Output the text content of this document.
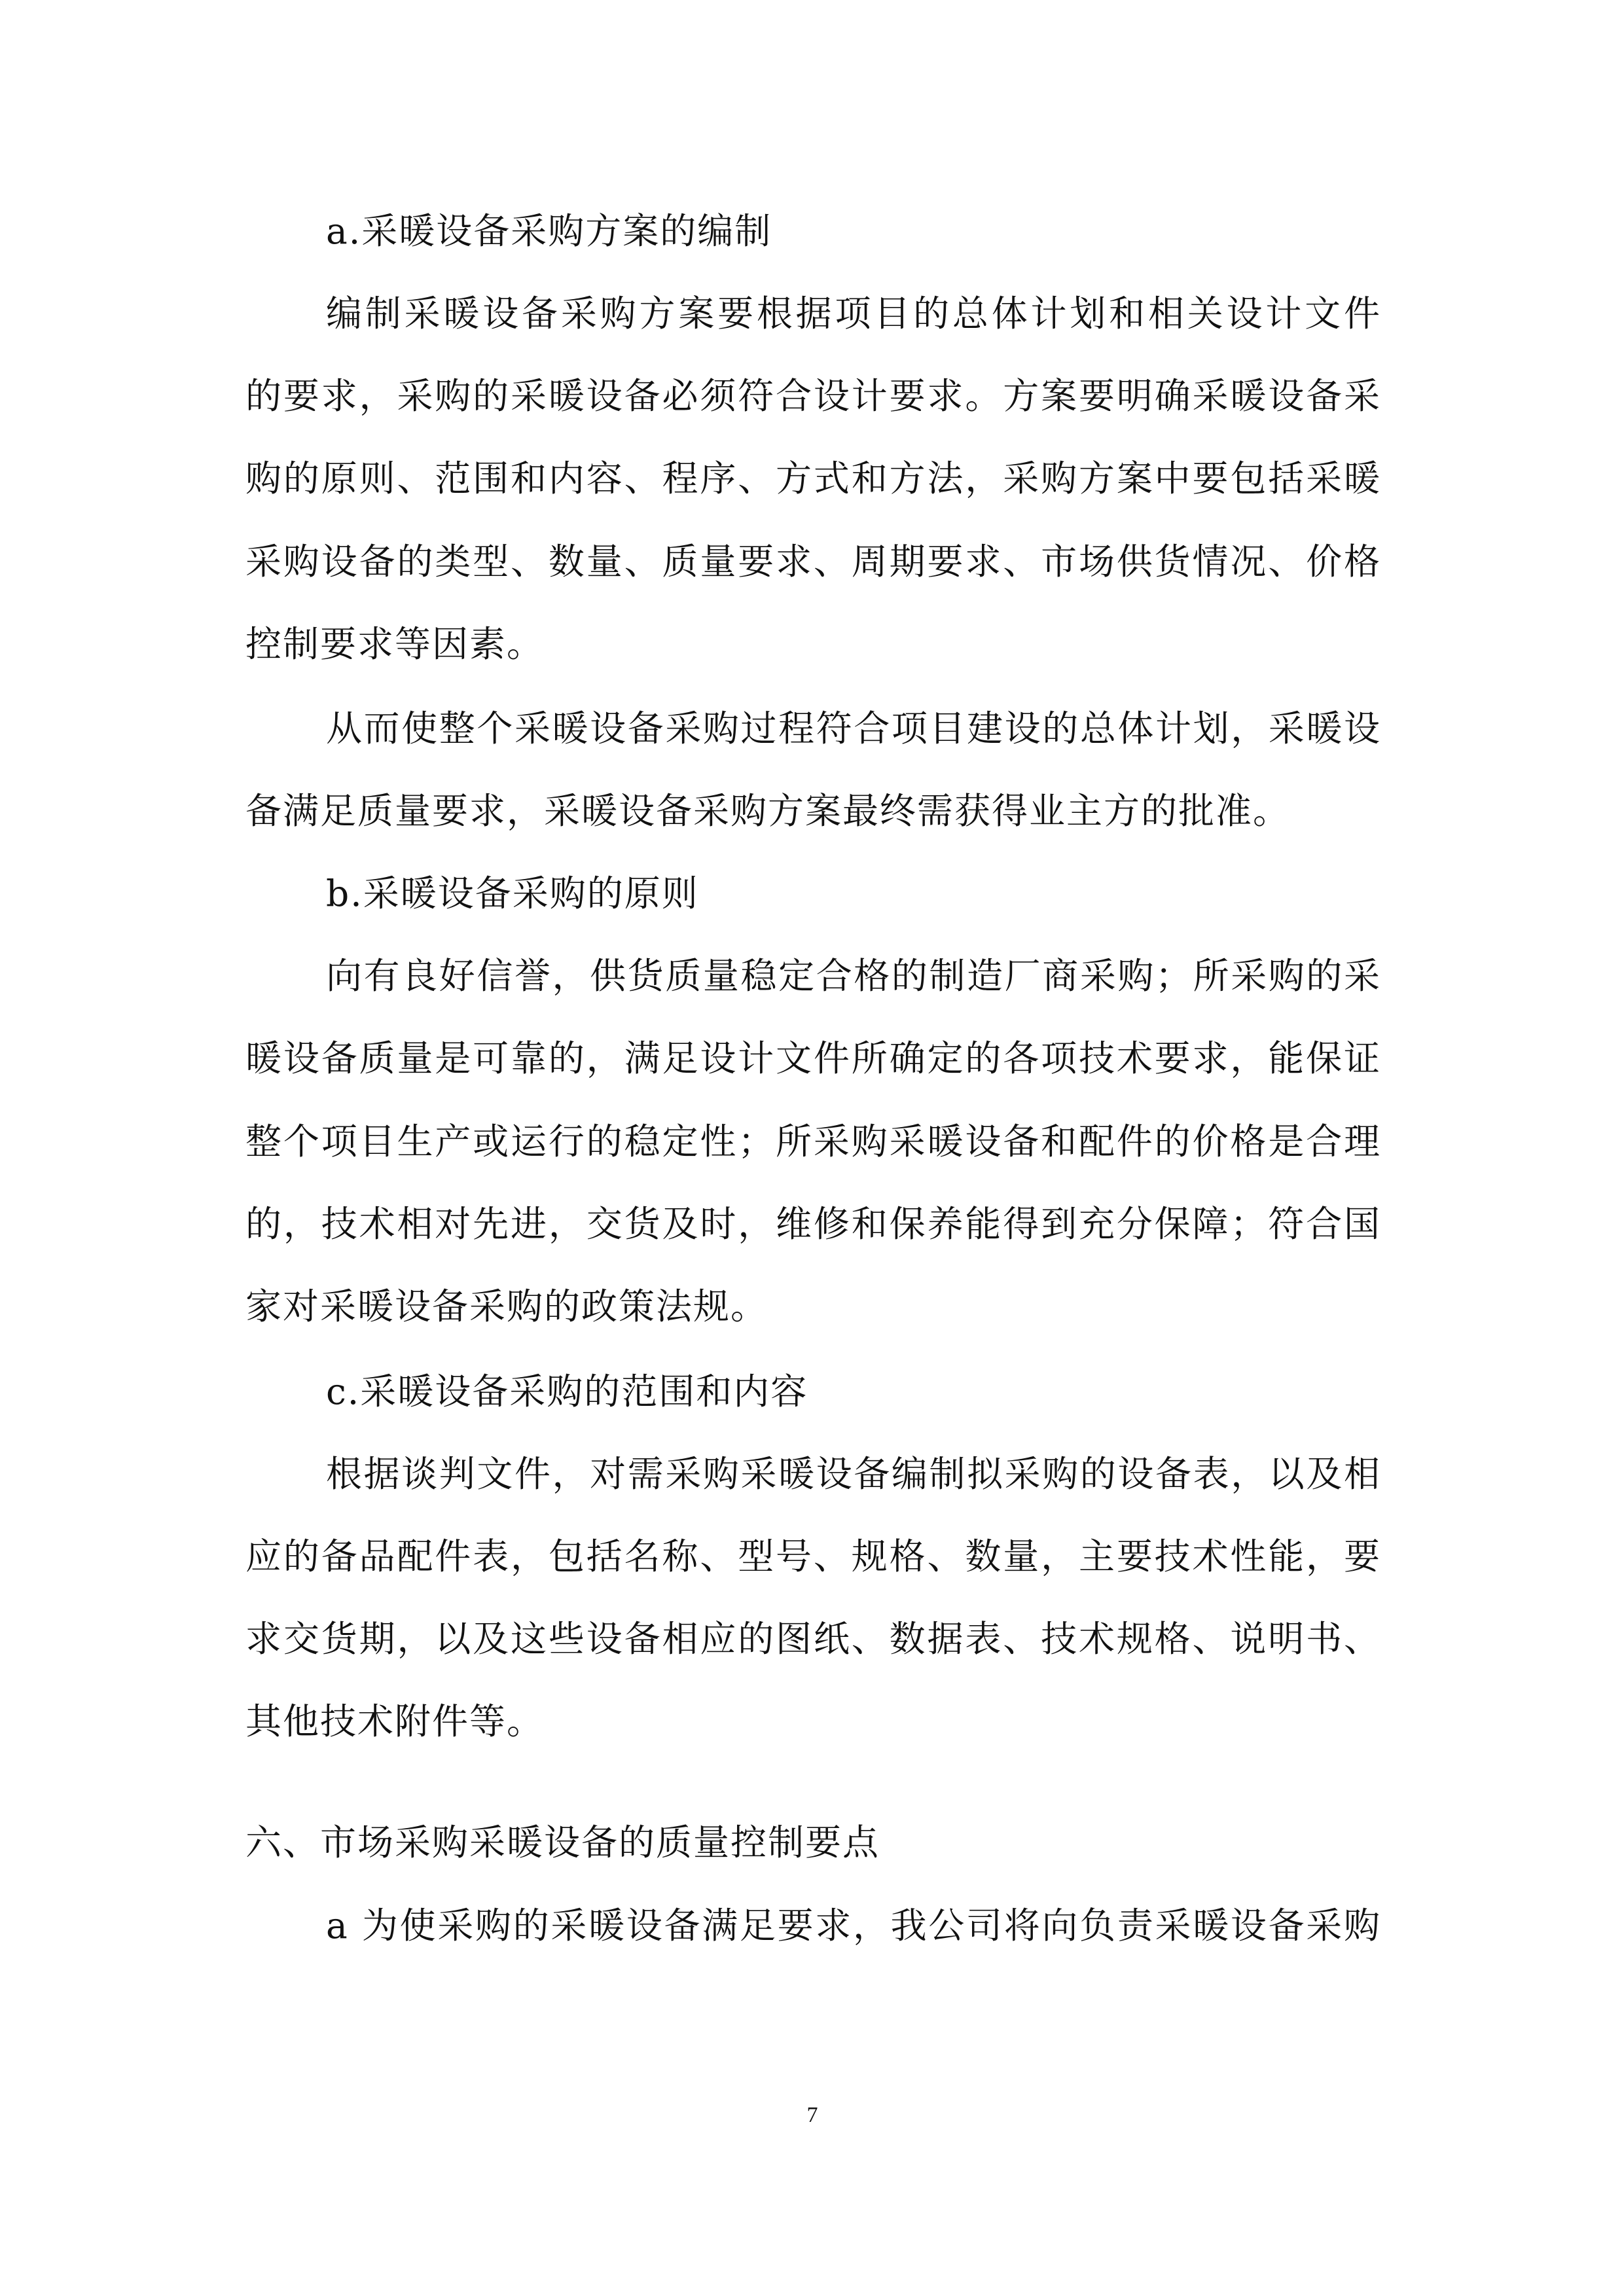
a.采暖设备采购方案的编制
编制采暖设备采购方案要根据项目的总体计划和相关设计文件
的要求，采购的采暖设备必须符合设计要求。方案要明确采暖设备采
购的原则、范围和内容、程序、方式和方法，采购方案中要包括采暖
采购设备的类型、数量、质量要求、周期要求、市场供货情况、价格
控制要求等因素。
从而使整个采暖设备采购过程符合项目建设的总体计划，采暖设
备满足质量要求，采暖设备采购方案最终需获得业主方的批准。
b.采暖设备采购的原则
向有良好信誉，供货质量稳定合格的制造厂商采购；所采购的采
暖设备质量是可靠的，满足设计文件所确定的各项技术要求，能保证
整个项目生产或运行的稳定性；所采购采暖设备和配件的价格是合理
的，技术相对先进，交货及时，维修和保养能得到充分保障；符合国
家对采暖设备采购的政策法规。
c.采暖设备采购的范围和内容
根据谈判文件，对需采购采暖设备编制拟采购的设备表，以及相
应的备品配件表，包括名称、型号、规格、数量，主要技术性能，要
求交货期，以及这些设备相应的图纸、数据表、技术规格、说明书、
其他技术附件等。
六、市场采购采暖设备的质量控制要点
a 为使采购的采暖设备满足要求，我公司将向负责采暖设备采购
7
